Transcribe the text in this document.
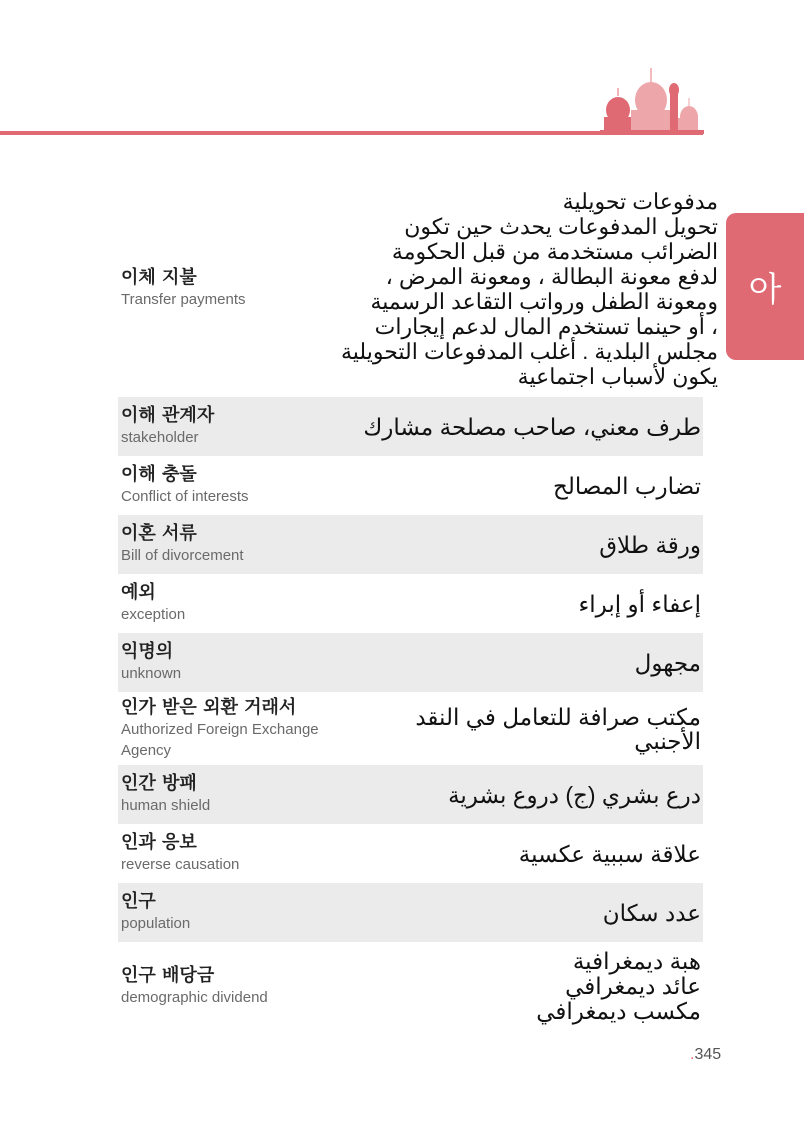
아
이체 지불
Transfer payments
مدفوعات تحويلية
تحويل المدفوعات يحدث حين تكون
الضرائب مستخدمة من قبل الحكومة
لدفع معونة البطالة ، ومعونة المرض ،
ومعونة الطفل ورواتب التقاعد الرسمية
، أو حينما تستخدم المال لدعم إيجارات
مجلس البلدية . أغلب المدفوعات التحويلية
يكون لأسباب اجتماعية
이해 관계자
stakeholder	طرف معني، صاحب مصلحة مشارك
이해 충돌
Conflict of interests	تضارب المصالح
이혼 서류
Bill of divorcement	ورقة طلاق
예외
exception	إعفاء أو إبراء
익명의
unknown	مجهول
인가 받은 외환 거래서
Authorized Foreign Exchange Agency
مكتب صرافة للتعامل في النقد الأجنبي
인간 방패
human shield	درع بشري (ج) دروع بشرية
인과 응보
reverse causation	علاقة سببية عكسية
인구
population	عدد سكان
인구 배당금
demographic dividend
هبة ديمغرافية
عائد ديمغرافي
مكسب ديمغرافي
.345
